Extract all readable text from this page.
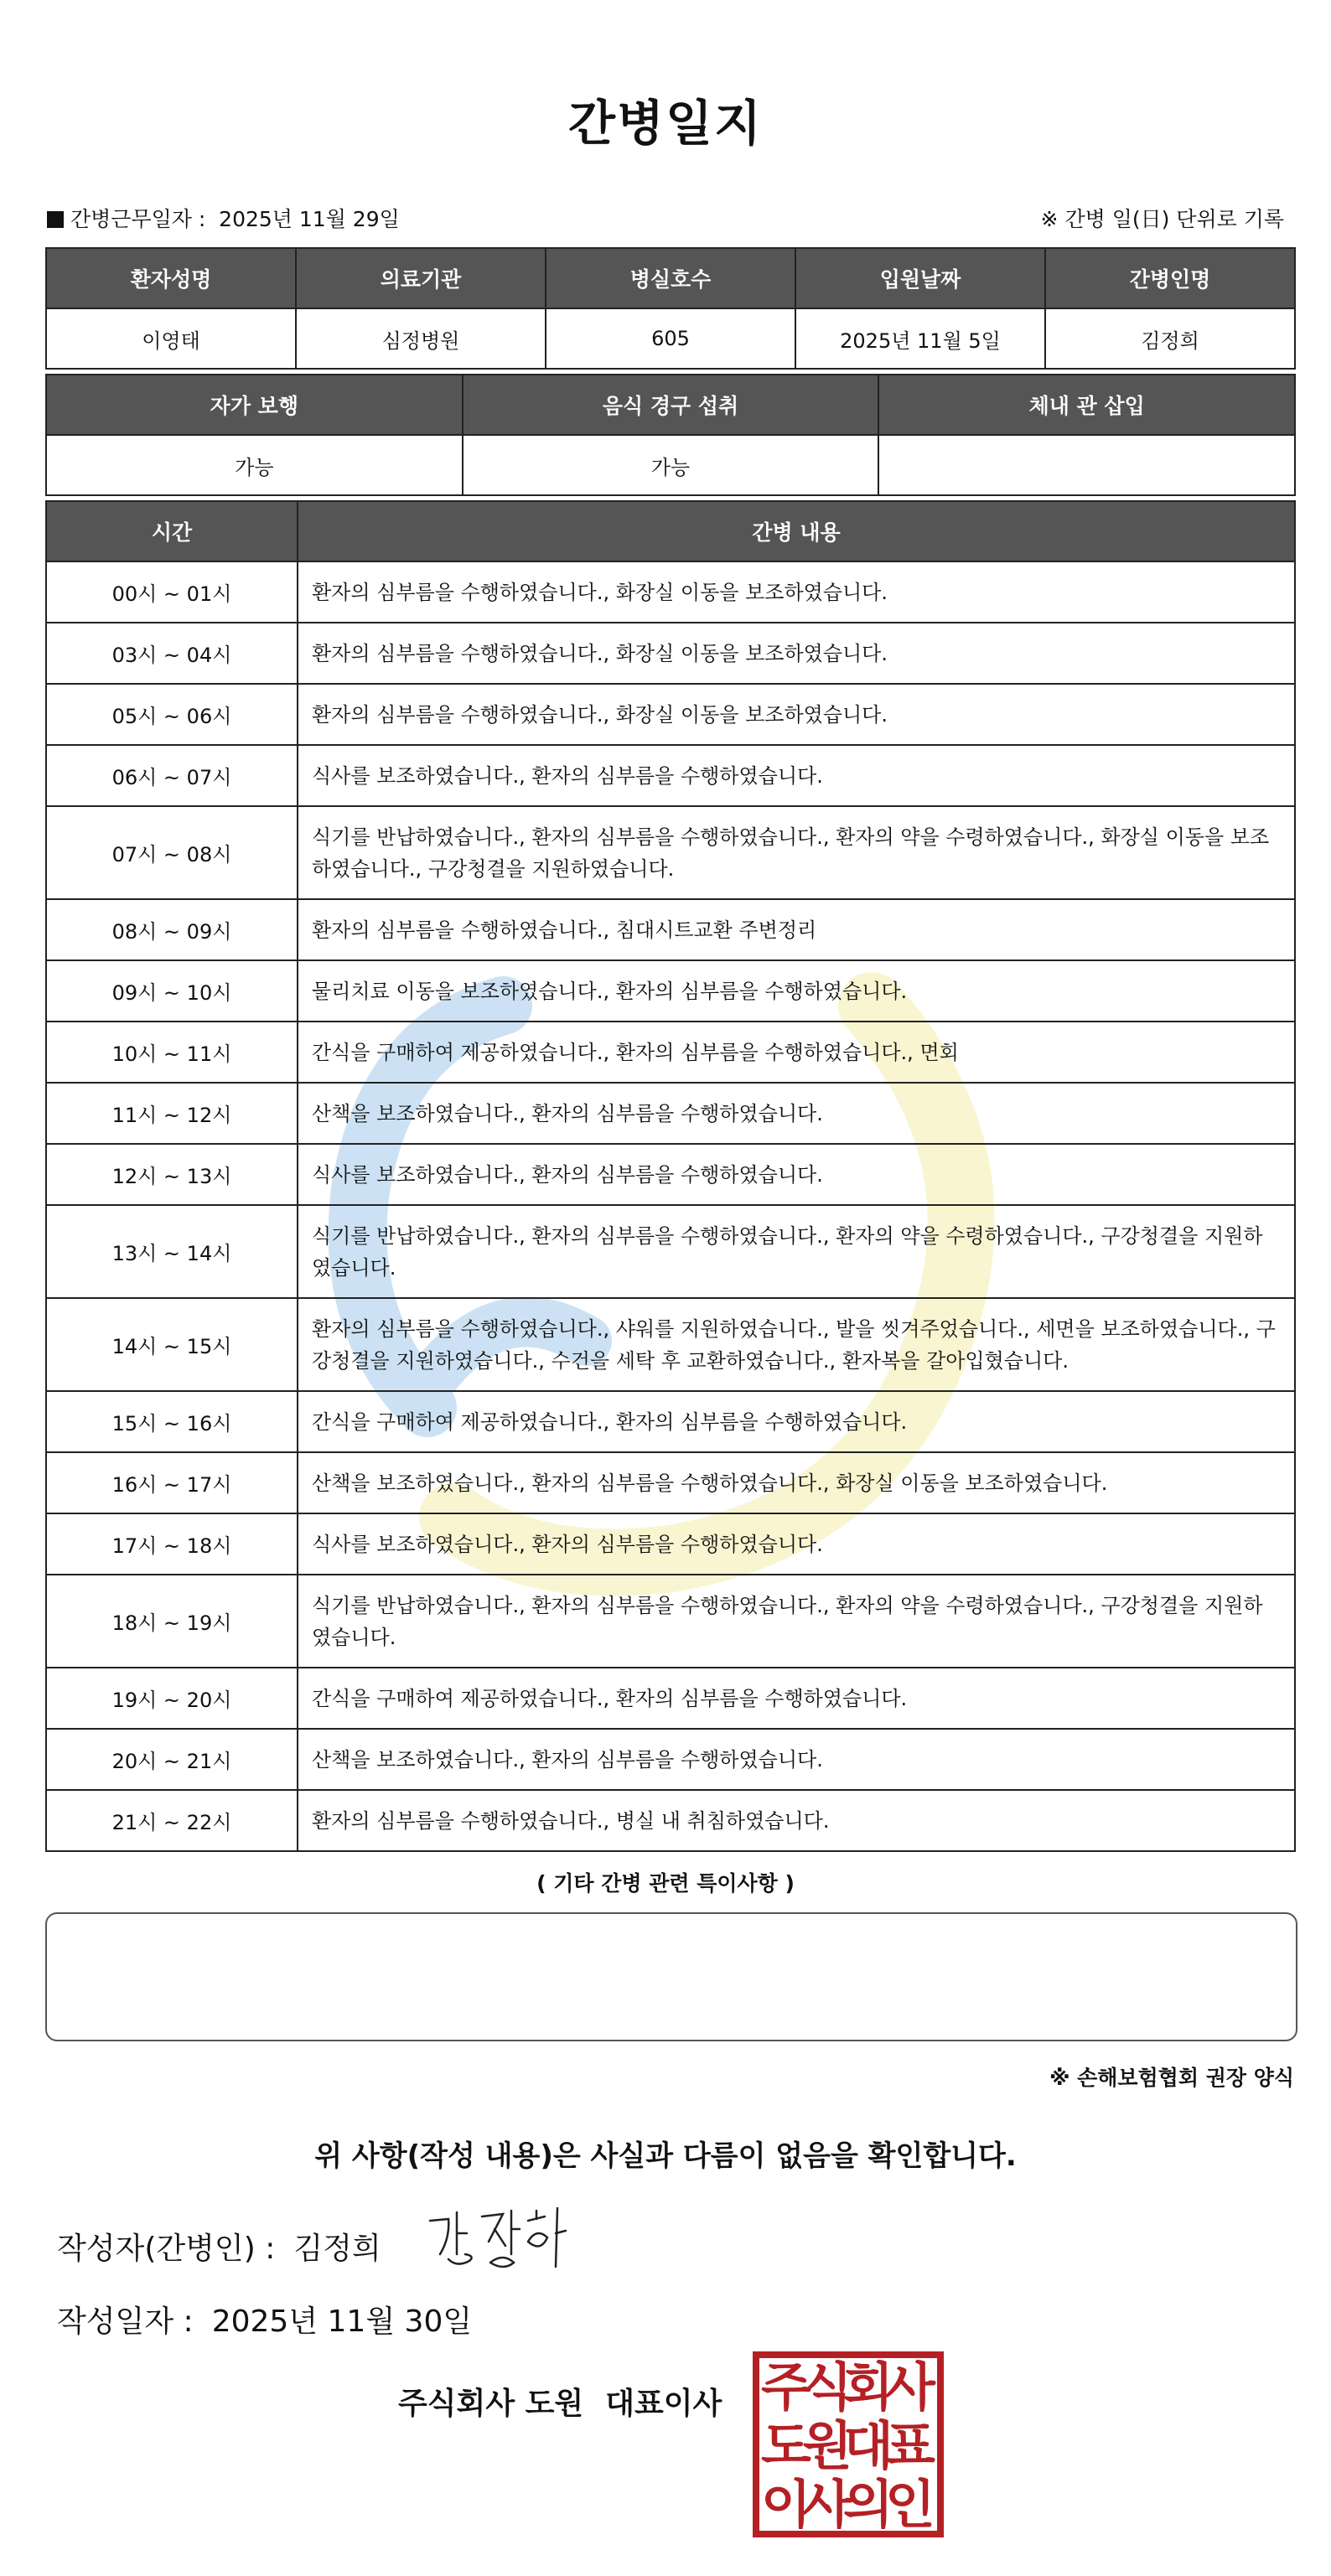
간병일지
간병근무일자 :  2025년 11월 29일	※ 간병 일(日) 단위로 기록
환자성명	의료기관	병실호수	입원날짜	간병인명
이영태	심정병원	605	2025년 11월 5일	김정희
자가 보행	음식 경구 섭취	체내 관 삽입
가능	가능	
시간	간병 내용
00시 ~ 01시	환자의 심부름을 수행하였습니다., 화장실 이동을 보조하였습니다.
03시 ~ 04시	환자의 심부름을 수행하였습니다., 화장실 이동을 보조하였습니다.
05시 ~ 06시	환자의 심부름을 수행하였습니다., 화장실 이동을 보조하였습니다.
06시 ~ 07시	식사를 보조하였습니다., 환자의 심부름을 수행하였습니다.
07시 ~ 08시	식기를 반납하였습니다., 환자의 심부름을 수행하였습니다., 환자의 약을 수령하였습니다., 화장실 이동을 보조하였습니다., 구강청결을 지원하였습니다.
08시 ~ 09시	환자의 심부름을 수행하였습니다., 침대시트교환 주변정리
09시 ~ 10시	물리치료 이동을 보조하였습니다., 환자의 심부름을 수행하였습니다.
10시 ~ 11시	간식을 구매하여 제공하였습니다., 환자의 심부름을 수행하였습니다., 면회
11시 ~ 12시	산책을 보조하였습니다., 환자의 심부름을 수행하였습니다.
12시 ~ 13시	식사를 보조하였습니다., 환자의 심부름을 수행하였습니다.
13시 ~ 14시	식기를 반납하였습니다., 환자의 심부름을 수행하였습니다., 환자의 약을 수령하였습니다., 구강청결을 지원하였습니다.
14시 ~ 15시	환자의 심부름을 수행하였습니다., 샤워를 지원하였습니다., 발을 씻겨주었습니다., 세면을 보조하였습니다., 구강청결을 지원하였습니다., 수건을 세탁 후 교환하였습니다., 환자복을 갈아입혔습니다.
15시 ~ 16시	간식을 구매하여 제공하였습니다., 환자의 심부름을 수행하였습니다.
16시 ~ 17시	산책을 보조하였습니다., 환자의 심부름을 수행하였습니다., 화장실 이동을 보조하였습니다.
17시 ~ 18시	식사를 보조하였습니다., 환자의 심부름을 수행하였습니다.
18시 ~ 19시	식기를 반납하였습니다., 환자의 심부름을 수행하였습니다., 환자의 약을 수령하였습니다., 구강청결을 지원하였습니다.
19시 ~ 20시	간식을 구매하여 제공하였습니다., 환자의 심부름을 수행하였습니다.
20시 ~ 21시	산책을 보조하였습니다., 환자의 심부름을 수행하였습니다.
21시 ~ 22시	환자의 심부름을 수행하였습니다., 병실 내 취침하였습니다.
( 기타 간병 관련 특이사항 )
※ 손해보험협회 권장 양식
위 사항(작성 내용)은 사실과 다름이 없음을 확인합니다.
작성자(간병인) : 김정희
작성일자 : 2025년 11월 30일
주식회사 도원 대표이사 주
식
회
사
도
원
대
표
이
사
의
인
